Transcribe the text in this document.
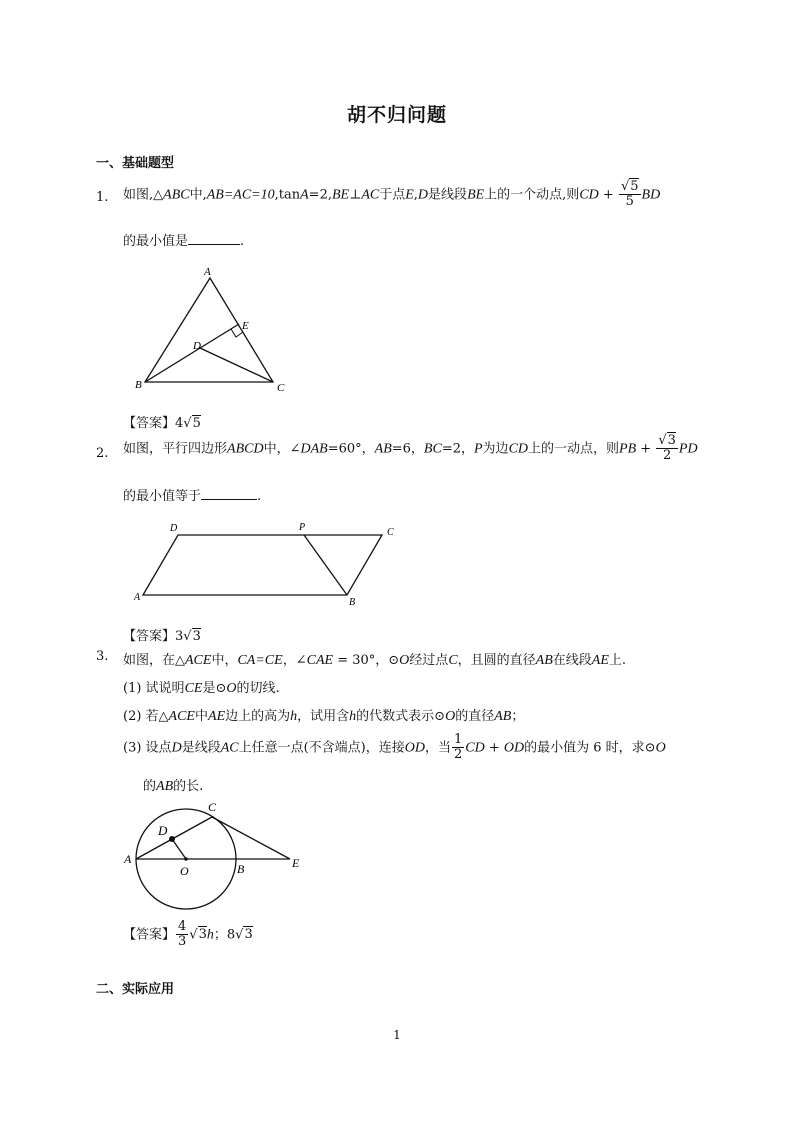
胡不归问题
一、基础题型
1. 如图,△ABC中,AB=AC=10,tanA=2,BE⊥AC于点E,D是线段BE上的一个动点,则CD + $\frac{√5}{5}$ BD
的最小值是	.
A
E
D
B	C
【答案】4√5
2. 如图，平行四边形ABCD中，∠DAB=60°，AB=6，BC=2，P为边CD上的一动点，则PB + $\frac{√3}{2}$ PD
的最小值等于	.
D	P	C
A	B
【答案】3√3
3. 如图，在△ACE中，CA=CE，∠CAE = 30°，⊙O经过点C，且圆的直径AB在线段AE上.
(1) 试说明CE是⊙O的切线.
(2) 若△ACE中AE边上的高为h，试用含h的代数式表示⊙O的直径AB；
(3) 设点D是线段AC上任意一点(不含端点)，连接OD，当 $\frac{1}{2}$ CD + OD的最小值为 6 时，求⊙O
的AB的长.
A
C
D
O	B	E
【答案】 $\frac{4}{3} √3h$；8√3
二、实际应用
1
